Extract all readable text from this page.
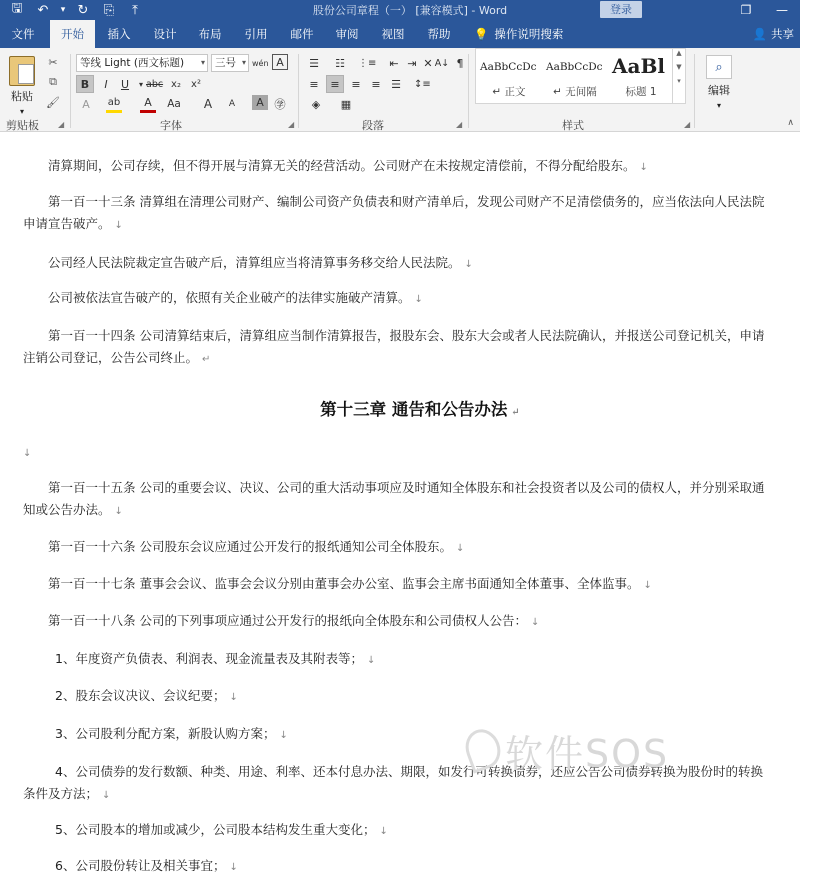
🖫	↶	▾ ↻	⎘	⤒	股份公司章程（一） [兼容模式] - Word	登录	❐	—
文件	开始	插入	设计	布局	引用	邮件	审阅	视图	帮助	💡 操作说明搜索	👤 共享
粘贴
▾
✂
⧉
🖌
剪贴板 ◢
等线 Light (西文标题) ▾ 三号 ▾ wén A
B	I	U	▾ abc x₂	x²
A	ab	A	Aa	A	A	A ㊫
字体	◢
☰ ☷	⋮≡	⇤ ⇥ ✕ A↓ ¶
≡	≡	≡ ≡ ☰	↕≡
◈	▦
段落	◢
AaBbCcDc
↵ 正文
AaBbCcDc
↵ 无间隔
AaBl
标题 1
▲
▼
▾
样式	◢
⌕
编辑
▾
∧
清算期间，公司存续，但不得开展与清算无关的经营活动。公司财产在未按规定清偿前，不得分配给股东。 ↓
第一百一十三条 清算组在清理公司财产、编制公司资产负债表和财产清单后，发现公司财产不足清偿债务的，应当依法向人民法院申请宣告破产。 ↓
公司经人民法院裁定宣告破产后，清算组应当将清算事务移交给人民法院。 ↓
公司被依法宣告破产的，依照有关企业破产的法律实施破产清算。 ↓
第一百一十四条 公司清算结束后，清算组应当制作清算报告，报股东会、股东大会或者人民法院确认，并报送公司登记机关，申请注销公司登记，公告公司终止。 ↵
第十三章 通告和公告办法 ↵
↓
第一百一十五条 公司的重要会议、决议、公司的重大活动事项应及时通知全体股东和社会投资者以及公司的债权人，并分别采取通知或公告办法。 ↓
第一百一十六条 公司股东会议应通过公开发行的报纸通知公司全体股东。 ↓
第一百一十七条 董事会会议、监事会会议分别由董事会办公室、监事会主席书面通知全体董事、全体监事。 ↓
第一百一十八条 公司的下列事项应通过公开发行的报纸向全体股东和公司债权人公告： ↓
1、年度资产负债表、利润表、现金流量表及其附表等； ↓
2、股东会议决议、会议纪要； ↓
3、公司股利分配方案，新股认购方案； ↓
4、公司债券的发行数额、种类、用途、利率、还本付息办法、期限，如发行可转换债券，还应公告公司债券转换为股份时的转换条件及方法； ↓
5、公司股本的增加或减少，公司股本结构发生重大变化； ↓
6、公司股份转让及相关事宜； ↓
软件SOS
